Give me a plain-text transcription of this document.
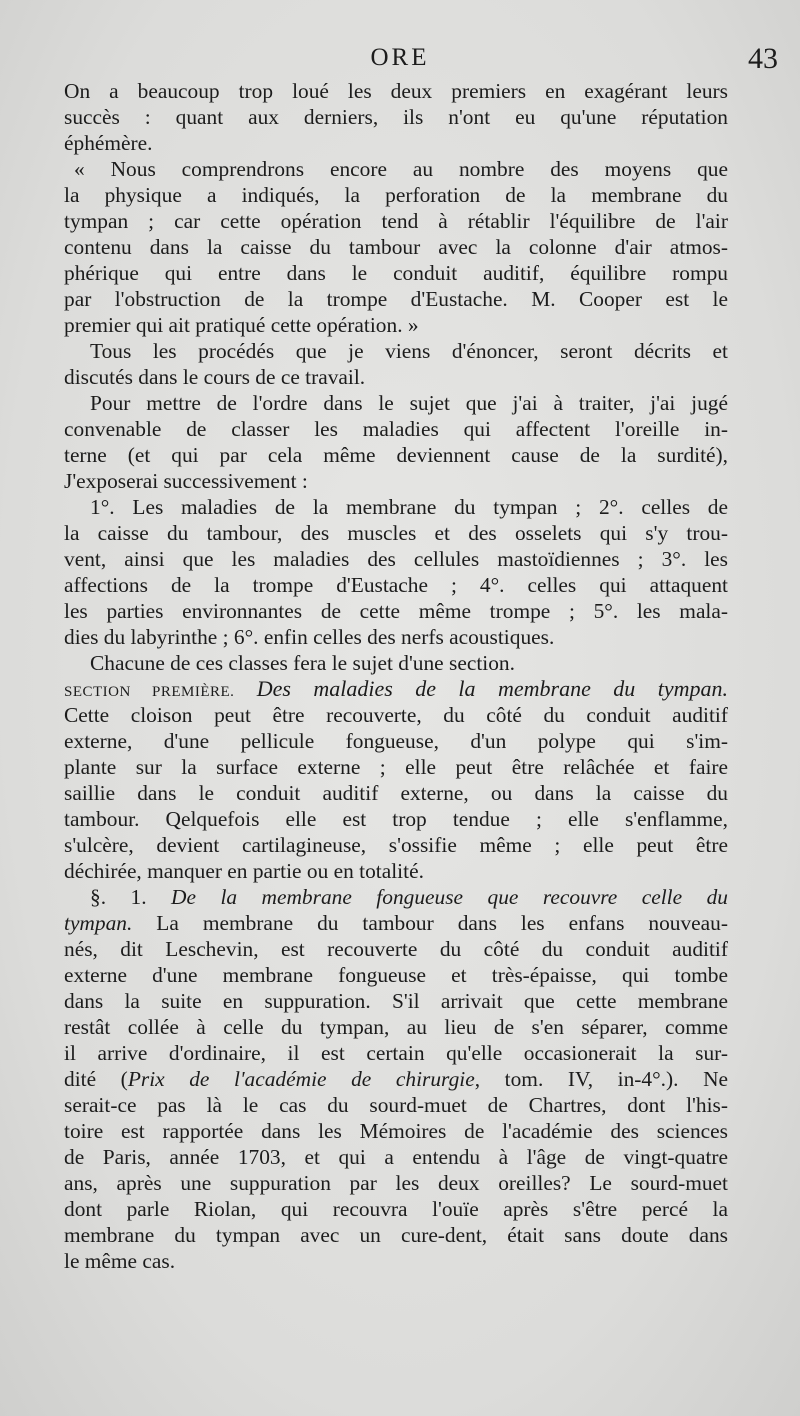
ORE	43
On a beaucoup trop loué les deux premiers en exagérant leurs
succès : quant aux derniers, ils n'ont eu qu'une réputation
éphémère.
« Nous comprendrons encore au nombre des moyens que
la physique a indiqués, la perforation de la membrane du
tympan ; car cette opération tend à rétablir l'équilibre de l'air
contenu dans la caisse du tambour avec la colonne d'air atmos-
phérique qui entre dans le conduit auditif, équilibre rompu
par l'obstruction de la trompe d'Eustache. M. Cooper est le
premier qui ait pratiqué cette opération. »
Tous les procédés que je viens d'énoncer, seront décrits et
discutés dans le cours de ce travail.
Pour mettre de l'ordre dans le sujet que j'ai à traiter, j'ai jugé
convenable de classer les maladies qui affectent l'oreille in-
terne (et qui par cela même deviennent cause de la surdité),
J'exposerai successivement :
1°. Les maladies de la membrane du tympan ; 2°. celles de
la caisse du tambour, des muscles et des osselets qui s'y trou-
vent, ainsi que les maladies des cellules mastoïdiennes ; 3°. les
affections de la trompe d'Eustache ; 4°. celles qui attaquent
les parties environnantes de cette même trompe ; 5°. les mala-
dies du labyrinthe ; 6°. enfin celles des nerfs acoustiques.
Chacune de ces classes fera le sujet d'une section.
SECTION PREMIÈRE. Des maladies de la membrane du tympan.
Cette cloison peut être recouverte, du côté du conduit auditif
externe, d'une pellicule fongueuse, d'un polype qui s'im-
plante sur la surface externe ; elle peut être relâchée et faire
saillie dans le conduit auditif externe, ou dans la caisse du
tambour. Qelquefois elle est trop tendue ; elle s'enflamme,
s'ulcère, devient cartilagineuse, s'ossifie même ; elle peut être
déchirée, manquer en partie ou en totalité.
§. 1. De la membrane fongueuse que recouvre celle du
tympan. La membrane du tambour dans les enfans nouveau-
nés, dit Leschevin, est recouverte du côté du conduit auditif
externe d'une membrane fongueuse et très-épaisse, qui tombe
dans la suite en suppuration. S'il arrivait que cette membrane
restât collée à celle du tympan, au lieu de s'en séparer, comme
il arrive d'ordinaire, il est certain qu'elle occasionerait la sur-
dité (Prix de l'académie de chirurgie, tom. IV, in-4°.). Ne
serait-ce pas là le cas du sourd-muet de Chartres, dont l'his-
toire est rapportée dans les Mémoires de l'académie des sciences
de Paris, année 1703, et qui a entendu à l'âge de vingt-quatre
ans, après une suppuration par les deux oreilles? Le sourd-muet
dont parle Riolan, qui recouvra l'ouïe après s'être percé la
membrane du tympan avec un cure-dent, était sans doute dans
le même cas.
